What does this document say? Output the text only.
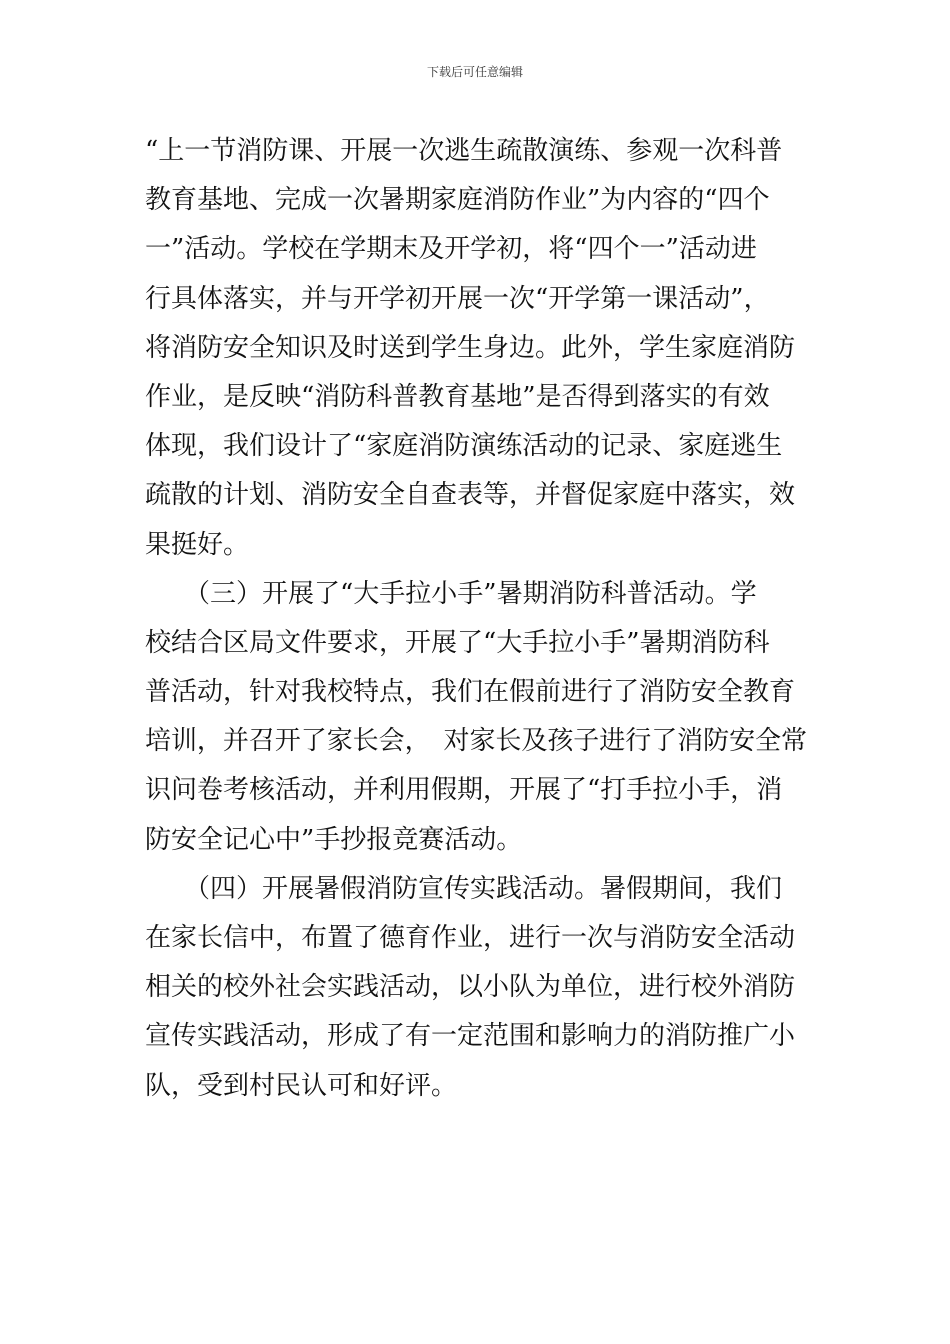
下载后可任意编辑
“上一节消防课、开展一次逃生疏散演练、参观一次科普
教育基地、完成一次暑期家庭消防作业”为内容的“四个
一”活动。学校在学期末及开学初，将“四个一”活动进
行具体落实，并与开学初开展一次“开学第一课活动”，
将消防安全知识及时送到学生身边。此外，学生家庭消防
作业，是反映“消防科普教育基地”是否得到落实的有效
体现，我们设计了“家庭消防演练活动的记录、家庭逃生
疏散的计划、消防安全自查表等，并督促家庭中落实，效
果挺好。
　　（三）开展了“大手拉小手”暑期消防科普活动。学
校结合区局文件要求，开展了“大手拉小手”暑期消防科
普活动，针对我校特点，我们在假前进行了消防安全教育
培训，并召开了家长会，　对家长及孩子进行了消防安全常
识问卷考核活动，并利用假期，开展了“打手拉小手，消
防安全记心中”手抄报竞赛活动。
　　（四）开展暑假消防宣传实践活动。暑假期间，我们
在家长信中，布置了德育作业，进行一次与消防安全活动
相关的校外社会实践活动，以小队为单位，进行校外消防
宣传实践活动，形成了有一定范围和影响力的消防推广小
队，受到村民认可和好评。
